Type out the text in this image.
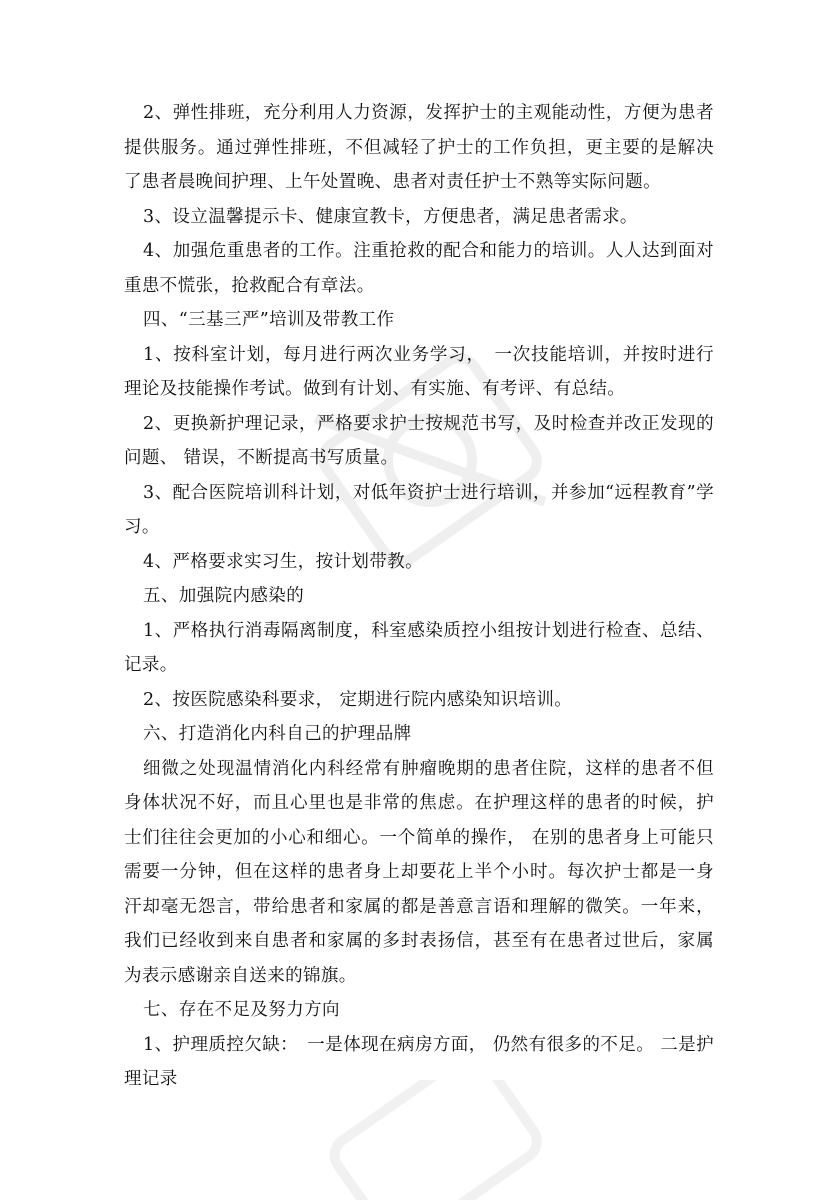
2、弹性排班，充分利用人力资源，发挥护士的主观能动性，方便为患者提供服务。通过弹性排班，不但减轻了护士的工作负担，更主要的是解决了患者晨晚间护理、上午处置晚、患者对责任护士不熟等实际问题。

3、设立温馨提示卡、健康宣教卡，方便患者，满足患者需求。

4、加强危重患者的工作。注重抢救的配合和能力的培训。人人达到面对重患不慌张，抢救配合有章法。

四、“三基三严”培训及带教工作

1、按科室计划，每月进行两次业务学习，　一次技能培训，并按时进行理论及技能操作考试。做到有计划、有实施、有考评、有总结。

2、更换新护理记录，严格要求护士按规范书写，及时检查并改正发现的问题、 错误，不断提高书写质量。

3、配合医院培训科计划，对低年资护士进行培训，并参加“远程教育”学习。

4、严格要求实习生，按计划带教。

五、加强院内感染的

1、严格执行消毒隔离制度，科室感染质控小组按计划进行检查、总结、记录。

2、按医院感染科要求， 定期进行院内感染知识培训。

六、打造消化内科自己的护理品牌

细微之处现温情消化内科经常有肿瘤晚期的患者住院，这样的患者不但身体状况不好，而且心里也是非常的焦虑。在护理这样的患者的时候，护士们往往会更加的小心和细心。一个简单的操作， 在别的患者身上可能只需要一分钟，但在这样的患者身上却要花上半个小时。每次护士都是一身汗却毫无怨言，带给患者和家属的都是善意言语和理解的微笑。一年来，我们已经收到来自患者和家属的多封表扬信，甚至有在患者过世后，家属为表示感谢亲自送来的锦旗。

七、存在不足及努力方向

1、护理质控欠缺：　一是体现在病房方面， 仍然有很多的不足。 二是护理记录
